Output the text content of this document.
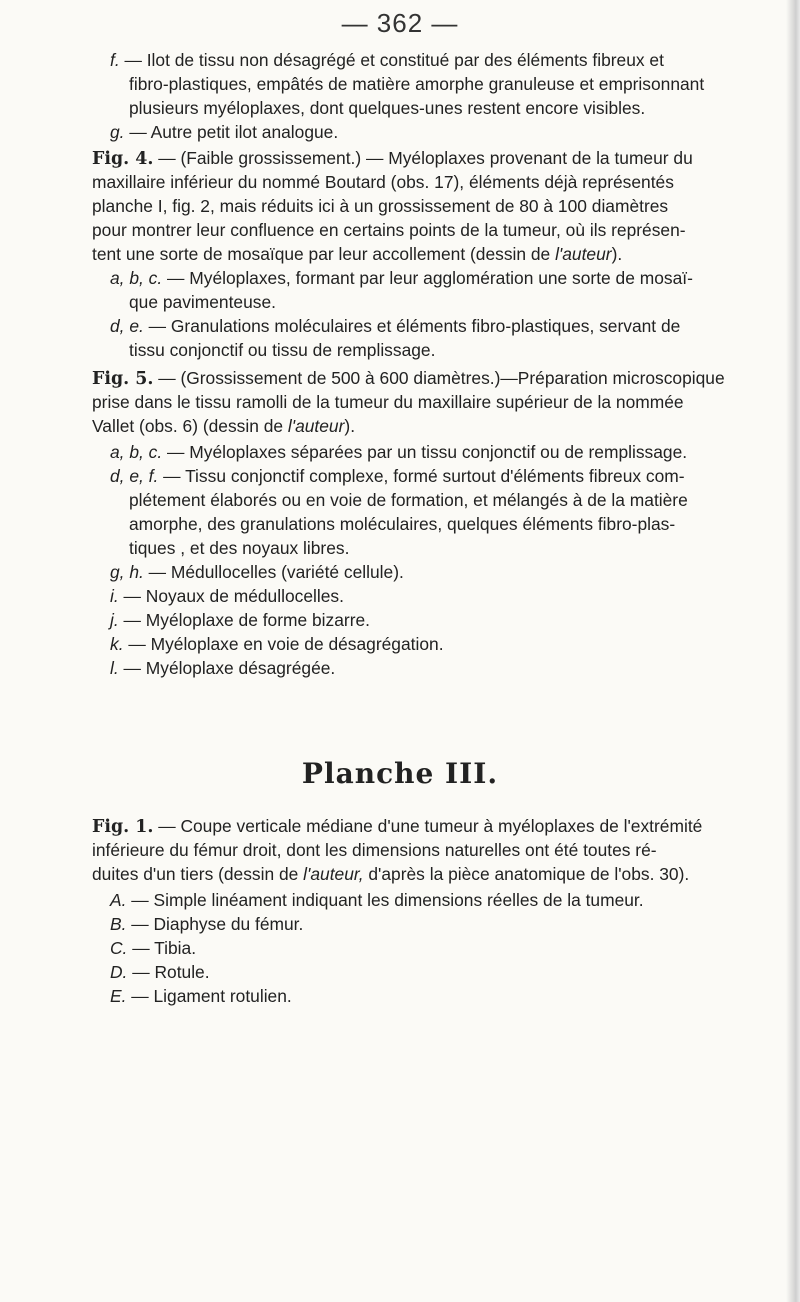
— 362 —
f. — Ilot de tissu non désagrégé et constitué par des éléments fibreux et
fibro-plastiques, empâtés de matière amorphe granuleuse et emprisonnant
plusieurs myéloplaxes, dont quelques-unes restent encore visibles.
g. — Autre petit ilot analogue.
Fig. 4. — (Faible grossissement.) — Myéloplaxes provenant de la tumeur du
maxillaire inférieur du nommé Boutard (obs. 17), éléments déjà représentés
planche I, fig. 2, mais réduits ici à un grossissement de 80 à 100 diamètres
pour montrer leur confluence en certains points de la tumeur, où ils représen-
tent une sorte de mosaïque par leur accollement (dessin de l'auteur).
a, b, c. — Myéloplaxes, formant par leur agglomération une sorte de mosaï-
que pavimenteuse.
d, e. — Granulations moléculaires et éléments fibro-plastiques, servant de
tissu conjonctif ou tissu de remplissage.
Fig. 5. — (Grossissement de 500 à 600 diamètres.)—Préparation microscopique
prise dans le tissu ramolli de la tumeur du maxillaire supérieur de la nommée
Vallet (obs. 6) (dessin de l'auteur).
a, b, c. — Myéloplaxes séparées par un tissu conjonctif ou de remplissage.
d, e, f. — Tissu conjonctif complexe, formé surtout d'éléments fibreux com-
plétement élaborés ou en voie de formation, et mélangés à de la matière
amorphe, des granulations moléculaires, quelques éléments fibro-plas-
tiques , et des noyaux libres.
g, h. — Médullocelles (variété cellule).
i. — Noyaux de médullocelles.
j. — Myéloplaxe de forme bizarre.
k. — Myéloplaxe en voie de désagrégation.
l. — Myéloplaxe désagrégée.
Planche III.
Fig. 1. — Coupe verticale médiane d'une tumeur à myéloplaxes de l'extrémité
inférieure du fémur droit, dont les dimensions naturelles ont été toutes ré-
duites d'un tiers (dessin de l'auteur, d'après la pièce anatomique de l'obs. 30).
A. — Simple linéament indiquant les dimensions réelles de la tumeur.
B. — Diaphyse du fémur.
C. — Tibia.
D. — Rotule.
E. — Ligament rotulien.
